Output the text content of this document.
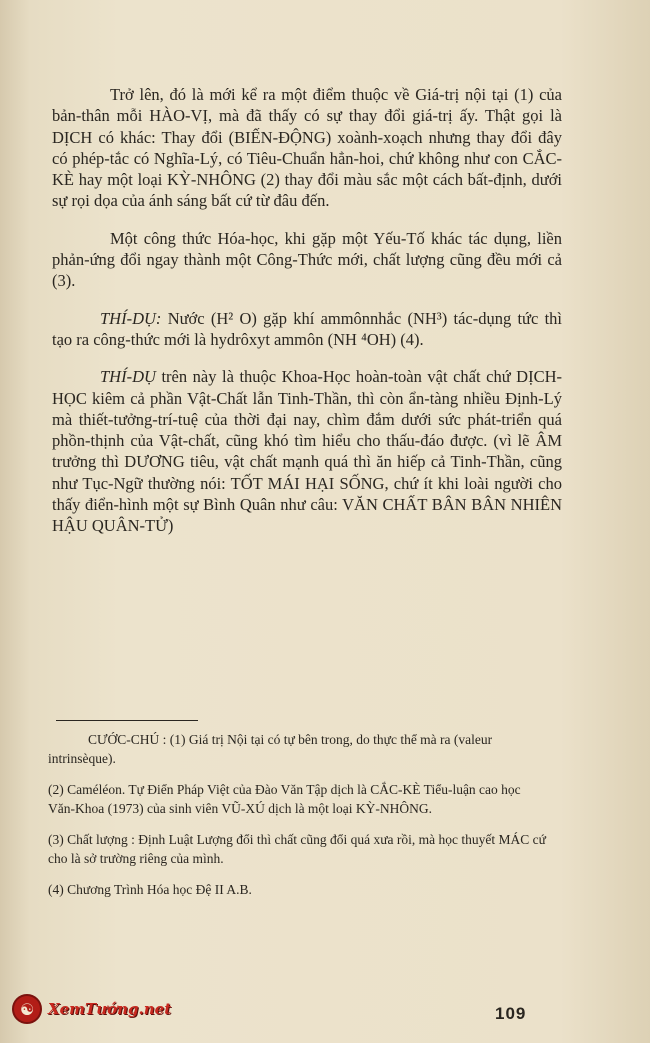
Trở lên, đó là mới kể ra một điểm thuộc về Giá-trị nội tại (1) của bản-thân mỗi HÀO-VỊ, mà đã thấy có sự thay đổi giá-trị ấy. Thật gọi là DỊCH có khác: Thay đổi (BIẾN-ĐỘNG) xoành-xoạch nhưng thay đổi đây có phép-tắc có Nghĩa-Lý, có Tiêu-Chuẩn hẳn-hoi, chứ không như con CẮC-KÈ hay một loại KỲ-NHÔNG (2) thay đổi màu sắc một cách bất-định, dưới sự rọi dọa của ánh sáng bất cứ từ đâu đến.

Một công thức Hóa-học, khi gặp một Yếu-Tố khác tác dụng, liền phản-ứng đổi ngay thành một Công-Thức mới, chất lượng cũng đều mới cả (3).

THÍ-DỤ: Nước (H² O) gặp khí ammônnhắc (NH³) tác-dụng tức thì tạo ra công-thức mới là hydrôxyt ammôn (NH ⁴OH) (4).

THÍ-DỤ trên này là thuộc Khoa-Học hoàn-toàn vật chất chứ DỊCH-HỌC kiêm cả phần Vật-Chất lẫn Tinh-Thần, thì còn ẩn-tàng nhiều Định-Lý mà thiết-tưởng-trí-tuệ của thời đại nay, chìm đắm dưới sức phát-triển quá phồn-thịnh của Vật-chất, cũng khó tìm hiểu cho thấu-đáo được. (vì lẽ ÂM trưởng thì DƯƠNG tiêu, vật chất mạnh quá thì ăn hiếp cả Tinh-Thần, cũng như Tục-Ngữ thường nói: TỐT MÁI HẠI SỐNG, chứ ít khi loài người cho thấy điển-hình một sự Bình Quân như câu: VĂN CHẤT BÂN BÂN NHIÊN HẬU QUÂN-TỬ)

CƯỚC-CHÚ : (1) Giá trị Nội tại có tự bên trong, do thực thể mà ra (valeur intrinsèque).

(2) Caméléon. Tự Điển Pháp Việt của Đào Văn Tập dịch là CẮC-KÈ Tiểu-luận cao học Văn-Khoa (1973) của sinh viên VŨ-XÚ dịch là một loại KỲ-NHÔNG.

(3) Chất lượng : Định Luật Lượng đổi thì chất cũng đổi quá xưa rồi, mà học thuyết MÁC cứ cho là sở trường riêng của mình.

(4) Chương Trình Hóa học Đệ II A.B.

☯ XemTướng.net	109
